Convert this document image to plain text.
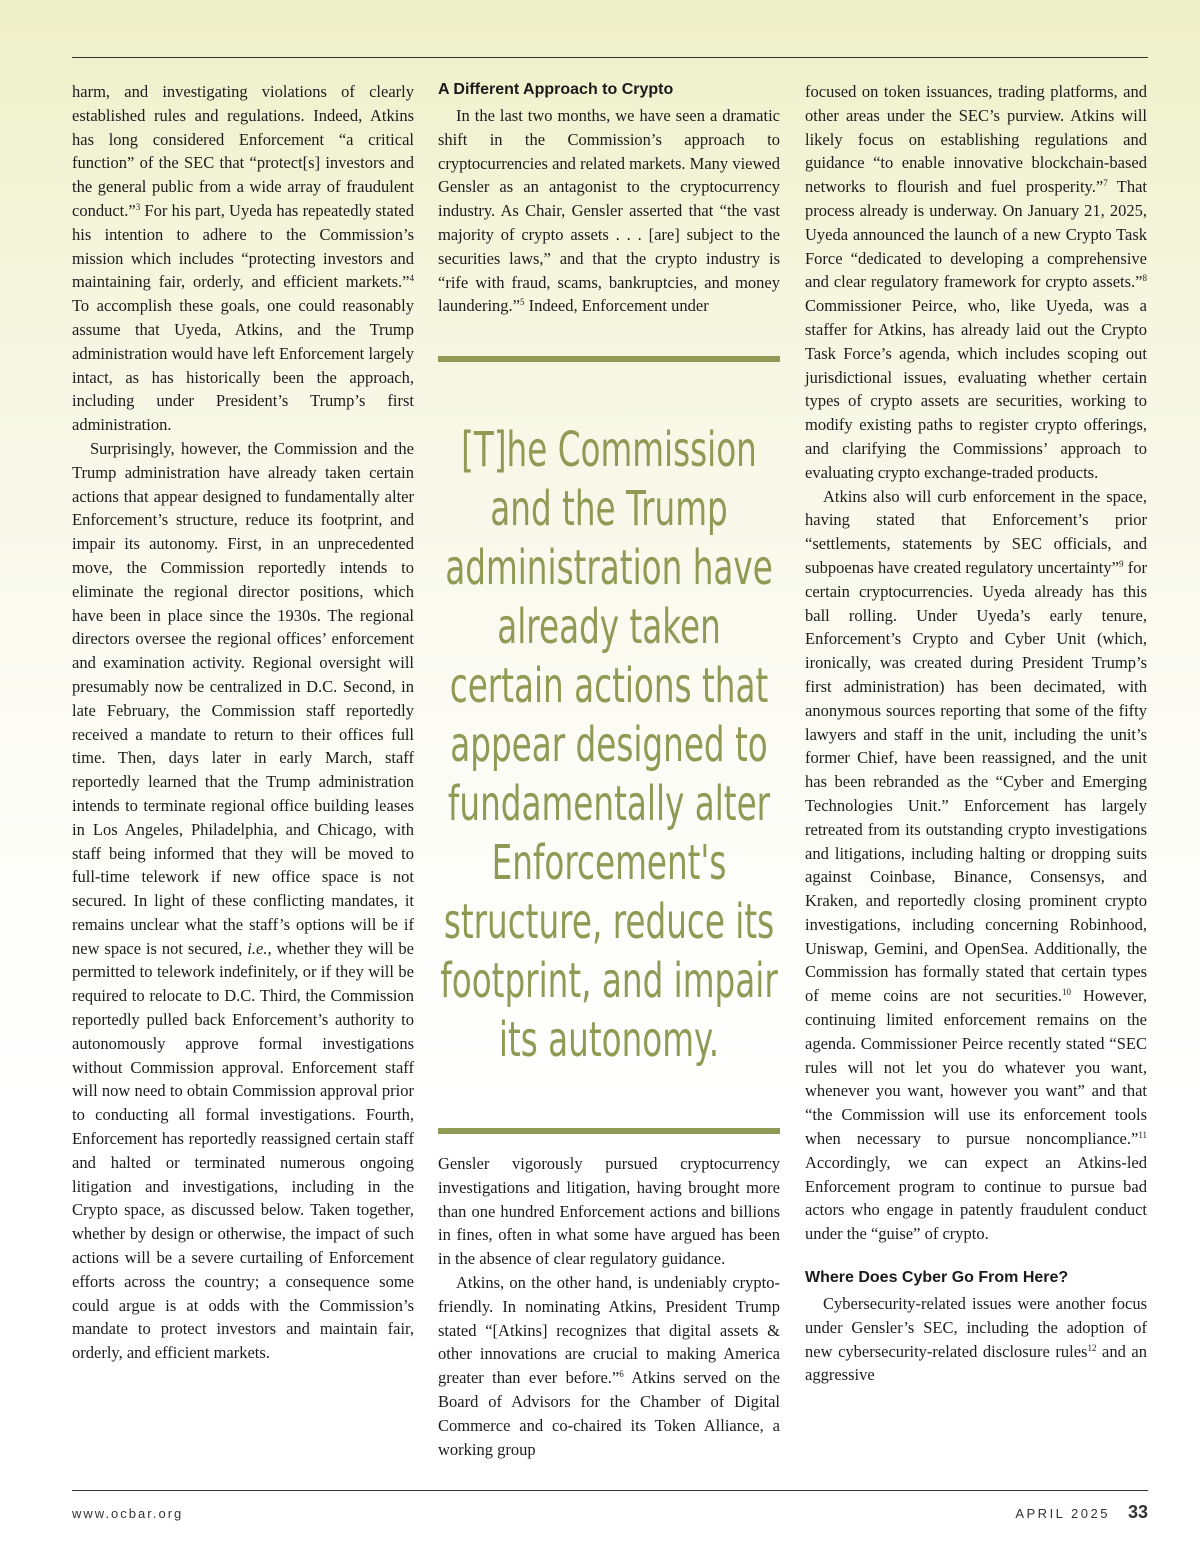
harm, and investigating violations of clearly established rules and regulations. Indeed, Atkins has long considered Enforcement “a critical function” of the SEC that “protect[s] investors and the general public from a wide array of fraudulent conduct.”$^3$ For his part, Uyeda has repeatedly stated his intention to adhere to the Commission’s mission which includes “protecting investors and maintaining fair, orderly, and efficient markets.”$^4$ To accomplish these goals, one could reasonably assume that Uyeda, Atkins, and the Trump administration would have left Enforcement largely intact, as has historically been the approach, including under President’s Trump’s first administration.

Surprisingly, however, the Commission and the Trump administration have already taken certain actions that appear designed to fundamentally alter Enforcement’s structure, reduce its footprint, and impair its autonomy. First, in an unprecedented move, the Commission reportedly intends to eliminate the regional director positions, which have been in place since the 1930s. The regional directors oversee the regional offices’ enforcement and examination activity. Regional oversight will presumably now be centralized in D.C. Second, in late February, the Commission staff reportedly received a mandate to return to their offices full time. Then, days later in early March, staff reportedly learned that the Trump administration intends to terminate regional office building leases in Los Angeles, Philadelphia, and Chicago, with staff being informed that they will be moved to full-time telework if new office space is not secured. In light of these conflicting mandates, it remains unclear what the staff’s options will be if new space is not secured, i.e., whether they will be permitted to telework indefinitely, or if they will be required to relocate to D.C. Third, the Commission reportedly pulled back Enforcement’s authority to autonomously approve formal investigations without Commission approval. Enforcement staff will now need to obtain Commission approval prior to conducting all formal investigations. Fourth, Enforcement has reportedly reassigned certain staff and halted or terminated numerous ongoing litigation and investigations, including in the Crypto space, as discussed below. Taken together, whether by design or otherwise, the impact of such actions will be a severe curtailing of Enforcement efforts across the country; a consequence some could argue is at odds with the Commission’s mandate to protect investors and maintain fair, orderly, and efficient markets.

A Different Approach to Crypto

In the last two months, we have seen a dramatic shift in the Commission’s approach to cryptocurrencies and related markets. Many viewed Gensler as an antagonist to the cryptocurrency industry. As Chair, Gensler asserted that “the vast majority of crypto assets . . . [are] subject to the securities laws,” and that the crypto industry is “rife with fraud, scams, bankruptcies, and money laundering.”$^5$ Indeed, Enforcement under

[T]he Commission and the Trump administration have already taken certain actions that appear designed to fundamentally alter Enforcement's structure, reduce its footprint, and impair its autonomy.

Gensler vigorously pursued cryptocurrency investigations and litigation, having brought more than one hundred Enforcement actions and billions in fines, often in what some have argued has been in the absence of clear regulatory guidance.

Atkins, on the other hand, is undeniably crypto-friendly. In nominating Atkins, President Trump stated “[Atkins] recognizes that digital assets & other innovations are crucial to making America greater than ever before.”$^6$ Atkins served on the Board of Advisors for the Chamber of Digital Commerce and co-chaired its Token Alliance, a working group

focused on token issuances, trading platforms, and other areas under the SEC’s purview. Atkins will likely focus on establishing regulations and guidance “to enable innovative blockchain-based networks to flourish and fuel prosperity.”$^7$ That process already is underway. On January 21, 2025, Uyeda announced the launch of a new Crypto Task Force “dedicated to developing a comprehensive and clear regulatory framework for crypto assets.”$^8$ Commissioner Peirce, who, like Uyeda, was a staffer for Atkins, has already laid out the Crypto Task Force’s agenda, which includes scoping out jurisdictional issues, evaluating whether certain types of crypto assets are securities, working to modify existing paths to register crypto offerings, and clarifying the Commissions’ approach to evaluating crypto exchange-traded products.

Atkins also will curb enforcement in the space, having stated that Enforcement’s prior “settlements, statements by SEC officials, and subpoenas have created regulatory uncertainty”$^9$ for certain cryptocurrencies. Uyeda already has this ball rolling. Under Uyeda’s early tenure, Enforcement’s Crypto and Cyber Unit (which, ironically, was created during President Trump’s first administration) has been decimated, with anonymous sources reporting that some of the fifty lawyers and staff in the unit, including the unit’s former Chief, have been reassigned, and the unit has been rebranded as the “Cyber and Emerging Technologies Unit.” Enforcement has largely retreated from its outstanding crypto investigations and litigations, including halting or dropping suits against Coinbase, Binance, Consensys, and Kraken, and reportedly closing prominent crypto investigations, including concerning Robinhood, Uniswap, Gemini, and OpenSea. Additionally, the Commission has formally stated that certain types of meme coins are not securities.$^{10}$ However, continuing limited enforcement remains on the agenda. Commissioner Peirce recently stated “SEC rules will not let you do whatever you want, whenever you want, however you want” and that “the Commission will use its enforcement tools when necessary to pursue noncompliance.”$^{11}$ Accordingly, we can expect an Atkins-led Enforcement program to continue to pursue bad actors who engage in patently fraudulent conduct under the “guise” of crypto.

Where Does Cyber Go From Here?

Cybersecurity-related issues were another focus under Gensler’s SEC, including the adoption of new cybersecurity-related disclosure rules$^{12}$ and an aggressive

www.ocbar.org	APRIL 2025 33
